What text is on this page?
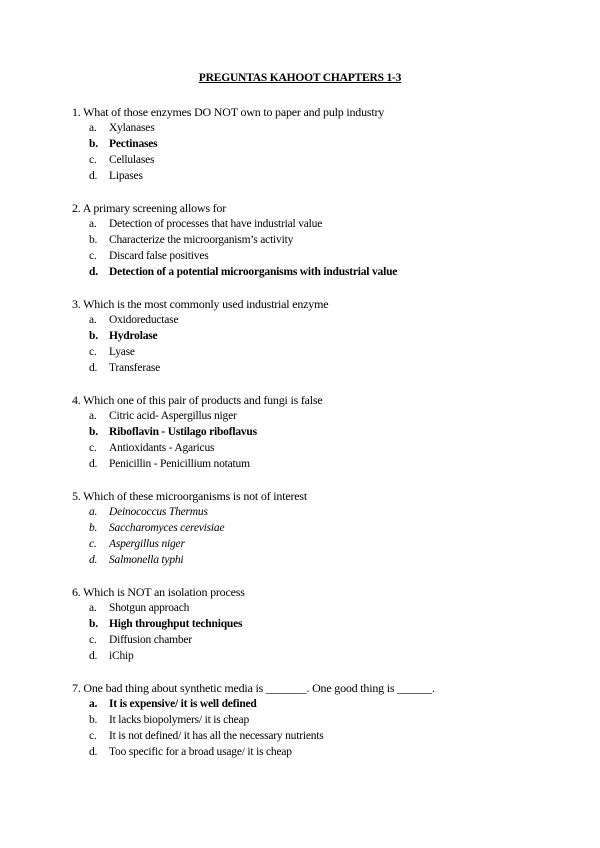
PREGUNTAS KAHOOT CHAPTERS 1-3
1. What of those enzymes DO NOT own to paper and pulp industry
a. Xylanases
b. Pectinases
c. Cellulases
d. Lipases
2. A primary screening allows for
a. Detection of processes that have industrial value
b. Characterize the microorganism’s activity
c. Discard false positives
d. Detection of a potential microorganisms with industrial value
3. Which is the most commonly used industrial enzyme
a. Oxidoreductase
b. Hydrolase
c. Lyase
d. Transferase
4. Which one of this pair of products and fungi is false
a. Citric acid- Aspergillus niger
b. Riboflavin - Ustilago riboflavus
c. Antioxidants - Agaricus
d. Penicillin - Penicillium notatum
5. Which of these microorganisms is not of interest
a. Deinococcus Thermus
b. Saccharomyces cerevisiae
c. Aspergillus niger
d. Salmonella typhi
6. Which is NOT an isolation process
a. Shotgun approach
b. High throughput techniques
c. Diffusion chamber
d. iChip
7. One bad thing about synthetic media is _______. One good thing is ______.
a. It is expensive/ it is well defined
b. It lacks biopolymers/ it is cheap
c. It is not defined/ it has all the necessary nutrients
d. Too specific for a broad usage/ it is cheap
